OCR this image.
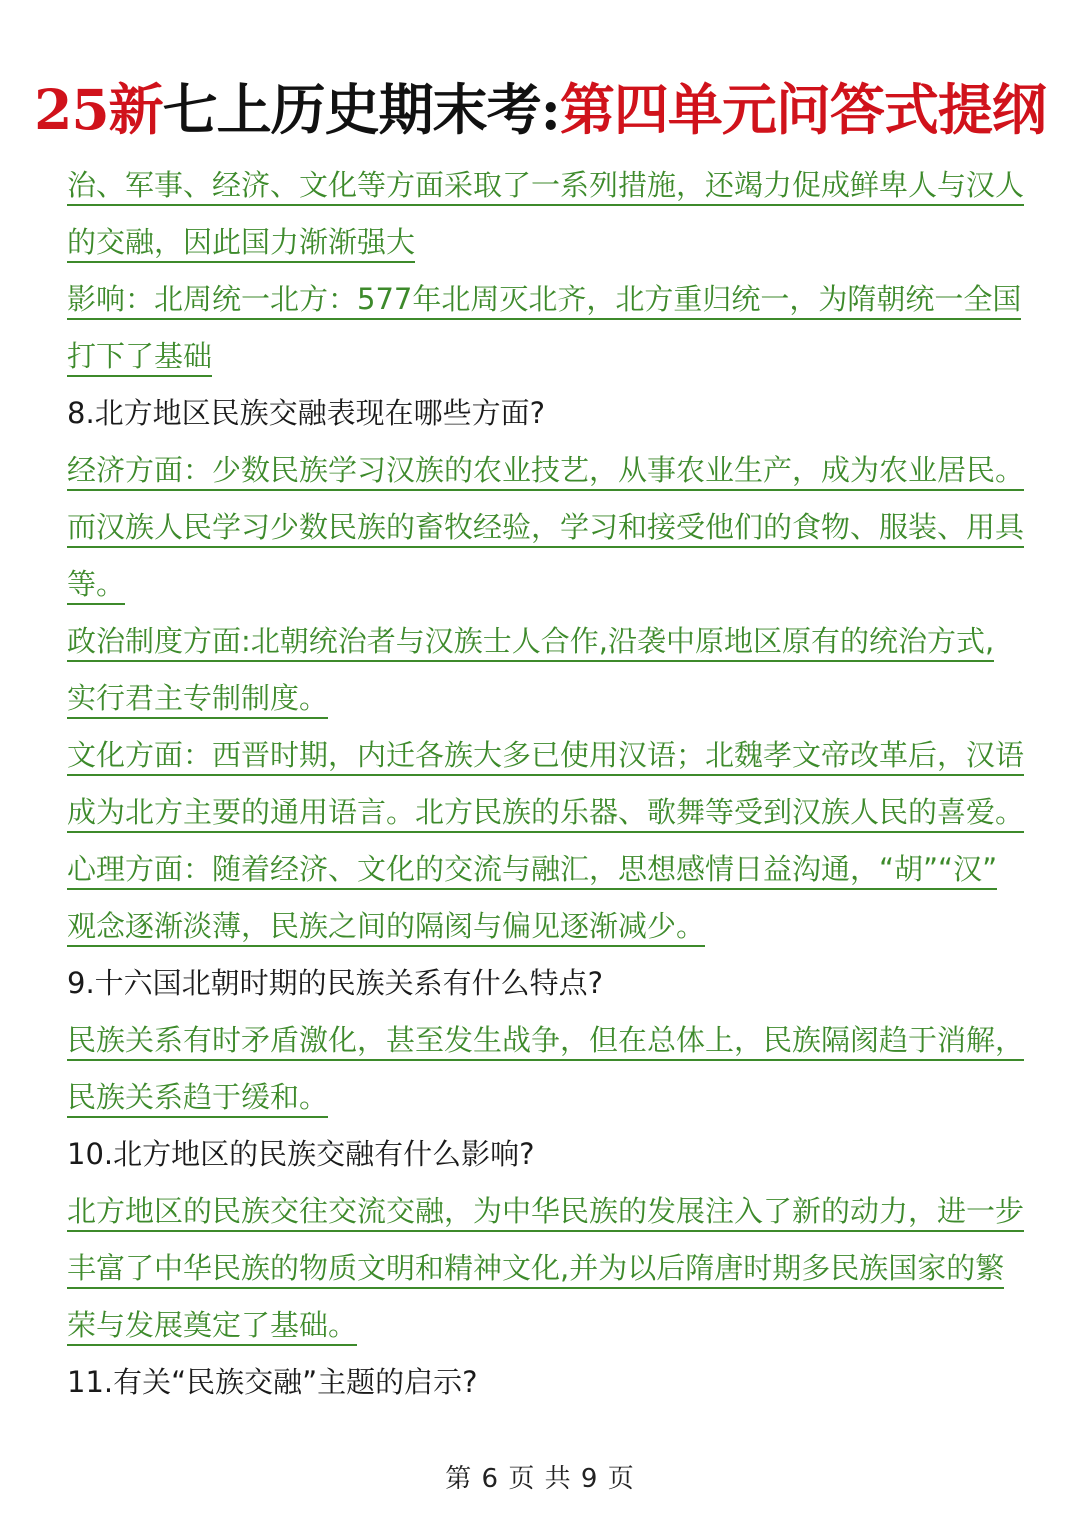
25新七上历史期末考:第四单元问答式提纲
治、军事、经济、文化等方面采取了一系列措施，还竭力促成鲜卑人与汉人
的交融，因此国力渐渐强大
影响：北周统一北方：577年北周灭北齐，北方重归统一，为隋朝统一全国
打下了基础
8.北方地区民族交融表现在哪些方面?
经济方面：少数民族学习汉族的农业技艺，从事农业生产，成为农业居民。
而汉族人民学习少数民族的畜牧经验，学习和接受他们的食物、服装、用具
等。
政治制度方面:北朝统治者与汉族士人合作,沿袭中原地区原有的统治方式,
实行君主专制制度。
文化方面：西晋时期，内迁各族大多已使用汉语；北魏孝文帝改革后，汉语
成为北方主要的通用语言。北方民族的乐器、歌舞等受到汉族人民的喜爱。
心理方面：随着经济、文化的交流与融汇，思想感情日益沟通，“胡”“汉”
观念逐渐淡薄，民族之间的隔阂与偏见逐渐减少。
9.十六国北朝时期的民族关系有什么特点?
民族关系有时矛盾激化，甚至发生战争，但在总体上，民族隔阂趋于消解，
民族关系趋于缓和。
10.北方地区的民族交融有什么影响?
北方地区的民族交往交流交融，为中华民族的发展注入了新的动力，进一步
丰富了中华民族的物质文明和精神文化,并为以后隋唐时期多民族国家的繁
荣与发展奠定了基础。
11.有关“民族交融”主题的启示?
第 6 页 共 9 页
